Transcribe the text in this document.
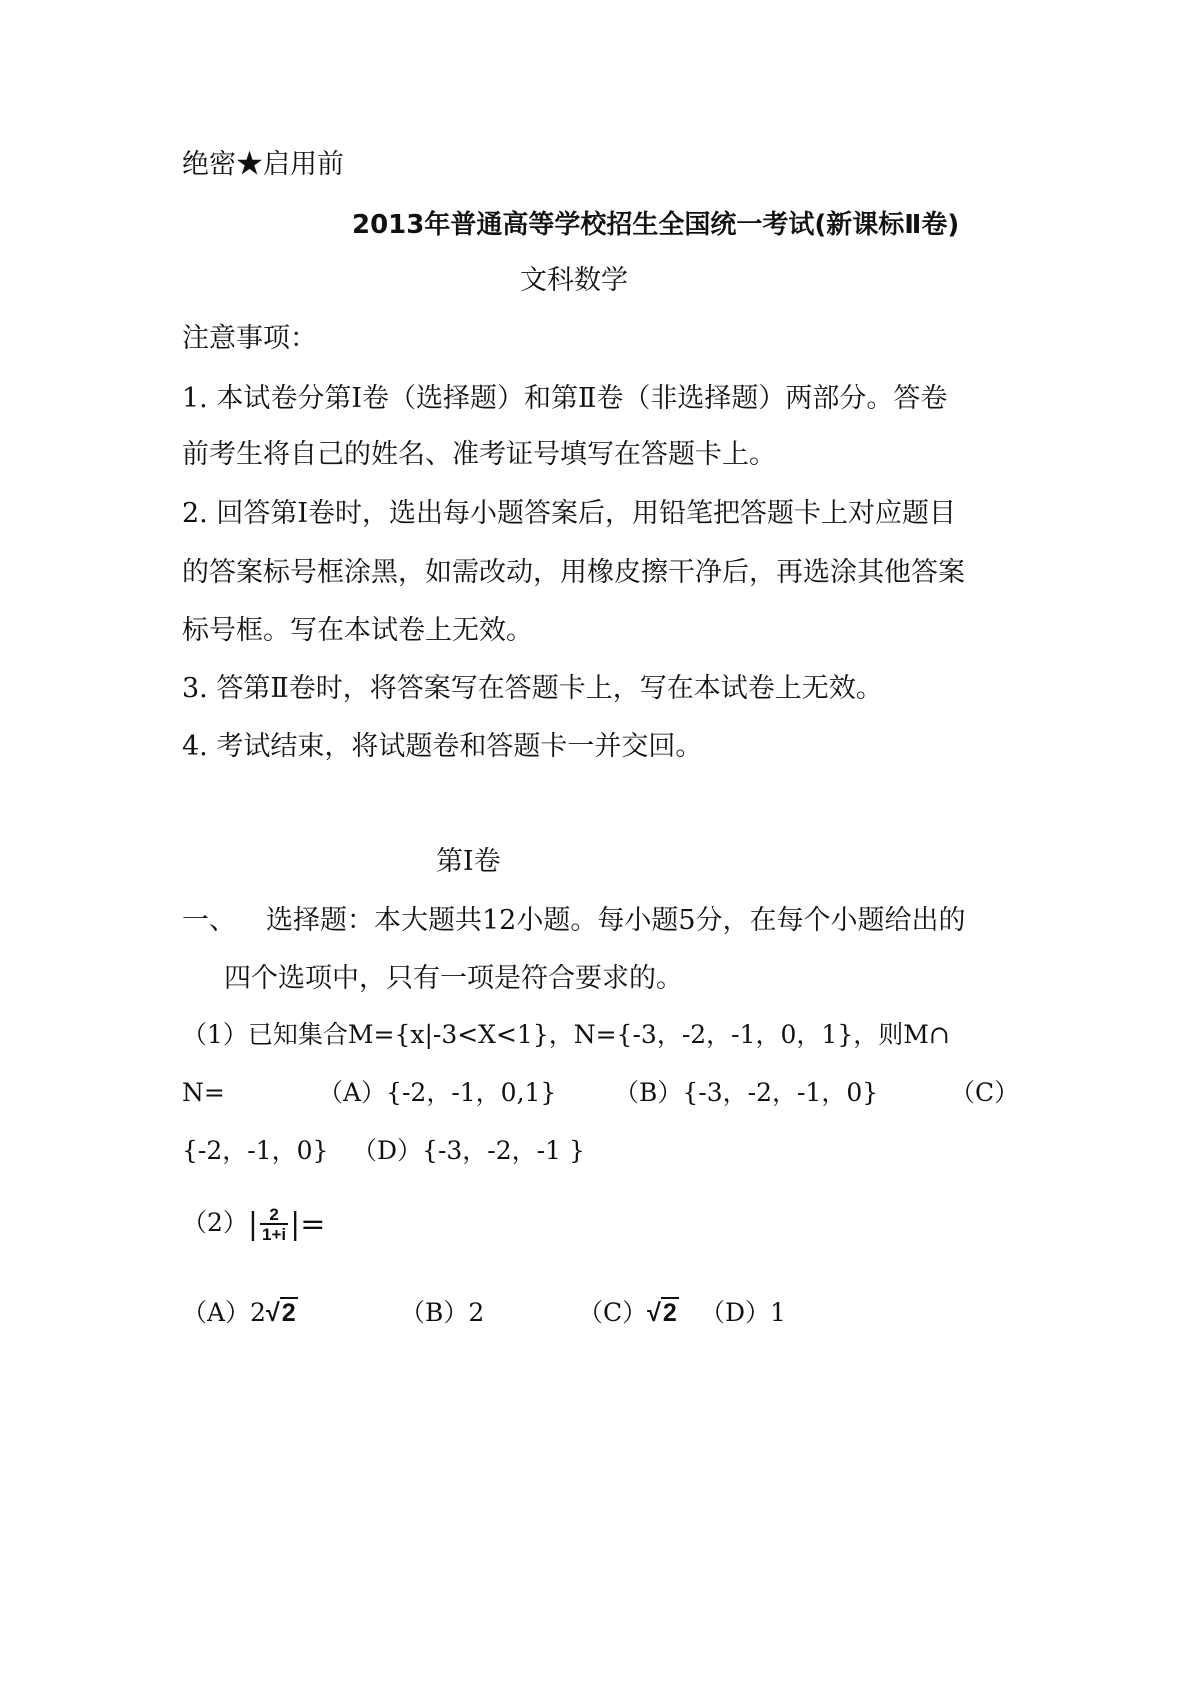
绝密★启用前
2013年普通高等学校招生全国统一考试(新课标Ⅱ卷)
文科数学
注意事项：
1. 本试卷分第Ⅰ卷（选择题）和第Ⅱ卷（非选择题）两部分。答卷
前考生将自己的姓名、准考证号填写在答题卡上。
2. 回答第Ⅰ卷时，选出每小题答案后，用铅笔把答题卡上对应题目
的答案标号框涂黑，如需改动，用橡皮擦干净后，再选涂其他答案
标号框。写在本试卷上无效。
3. 答第Ⅱ卷时，将答案写在答题卡上，写在本试卷上无效。
4. 考试结束，将试题卷和答题卡一并交回。
第Ⅰ卷
一、	选择题：本大题共12小题。每小题5分，在每个小题给出的
四个选项中，只有一项是符合要求的。
（1）已知集合M={x|-3<X<1}，N={-3，-2，-1，0，1}，则M∩
N=	（A）{-2，-1，0,1}	（B）{-3，-2，-1，0}	（C）
{-2，-1，0} （D）{-3，-2，-1 }
$(2)| \frac{2}{1+i}$ |=
（A）2√2	（B）2	（C）√2 （D）1
